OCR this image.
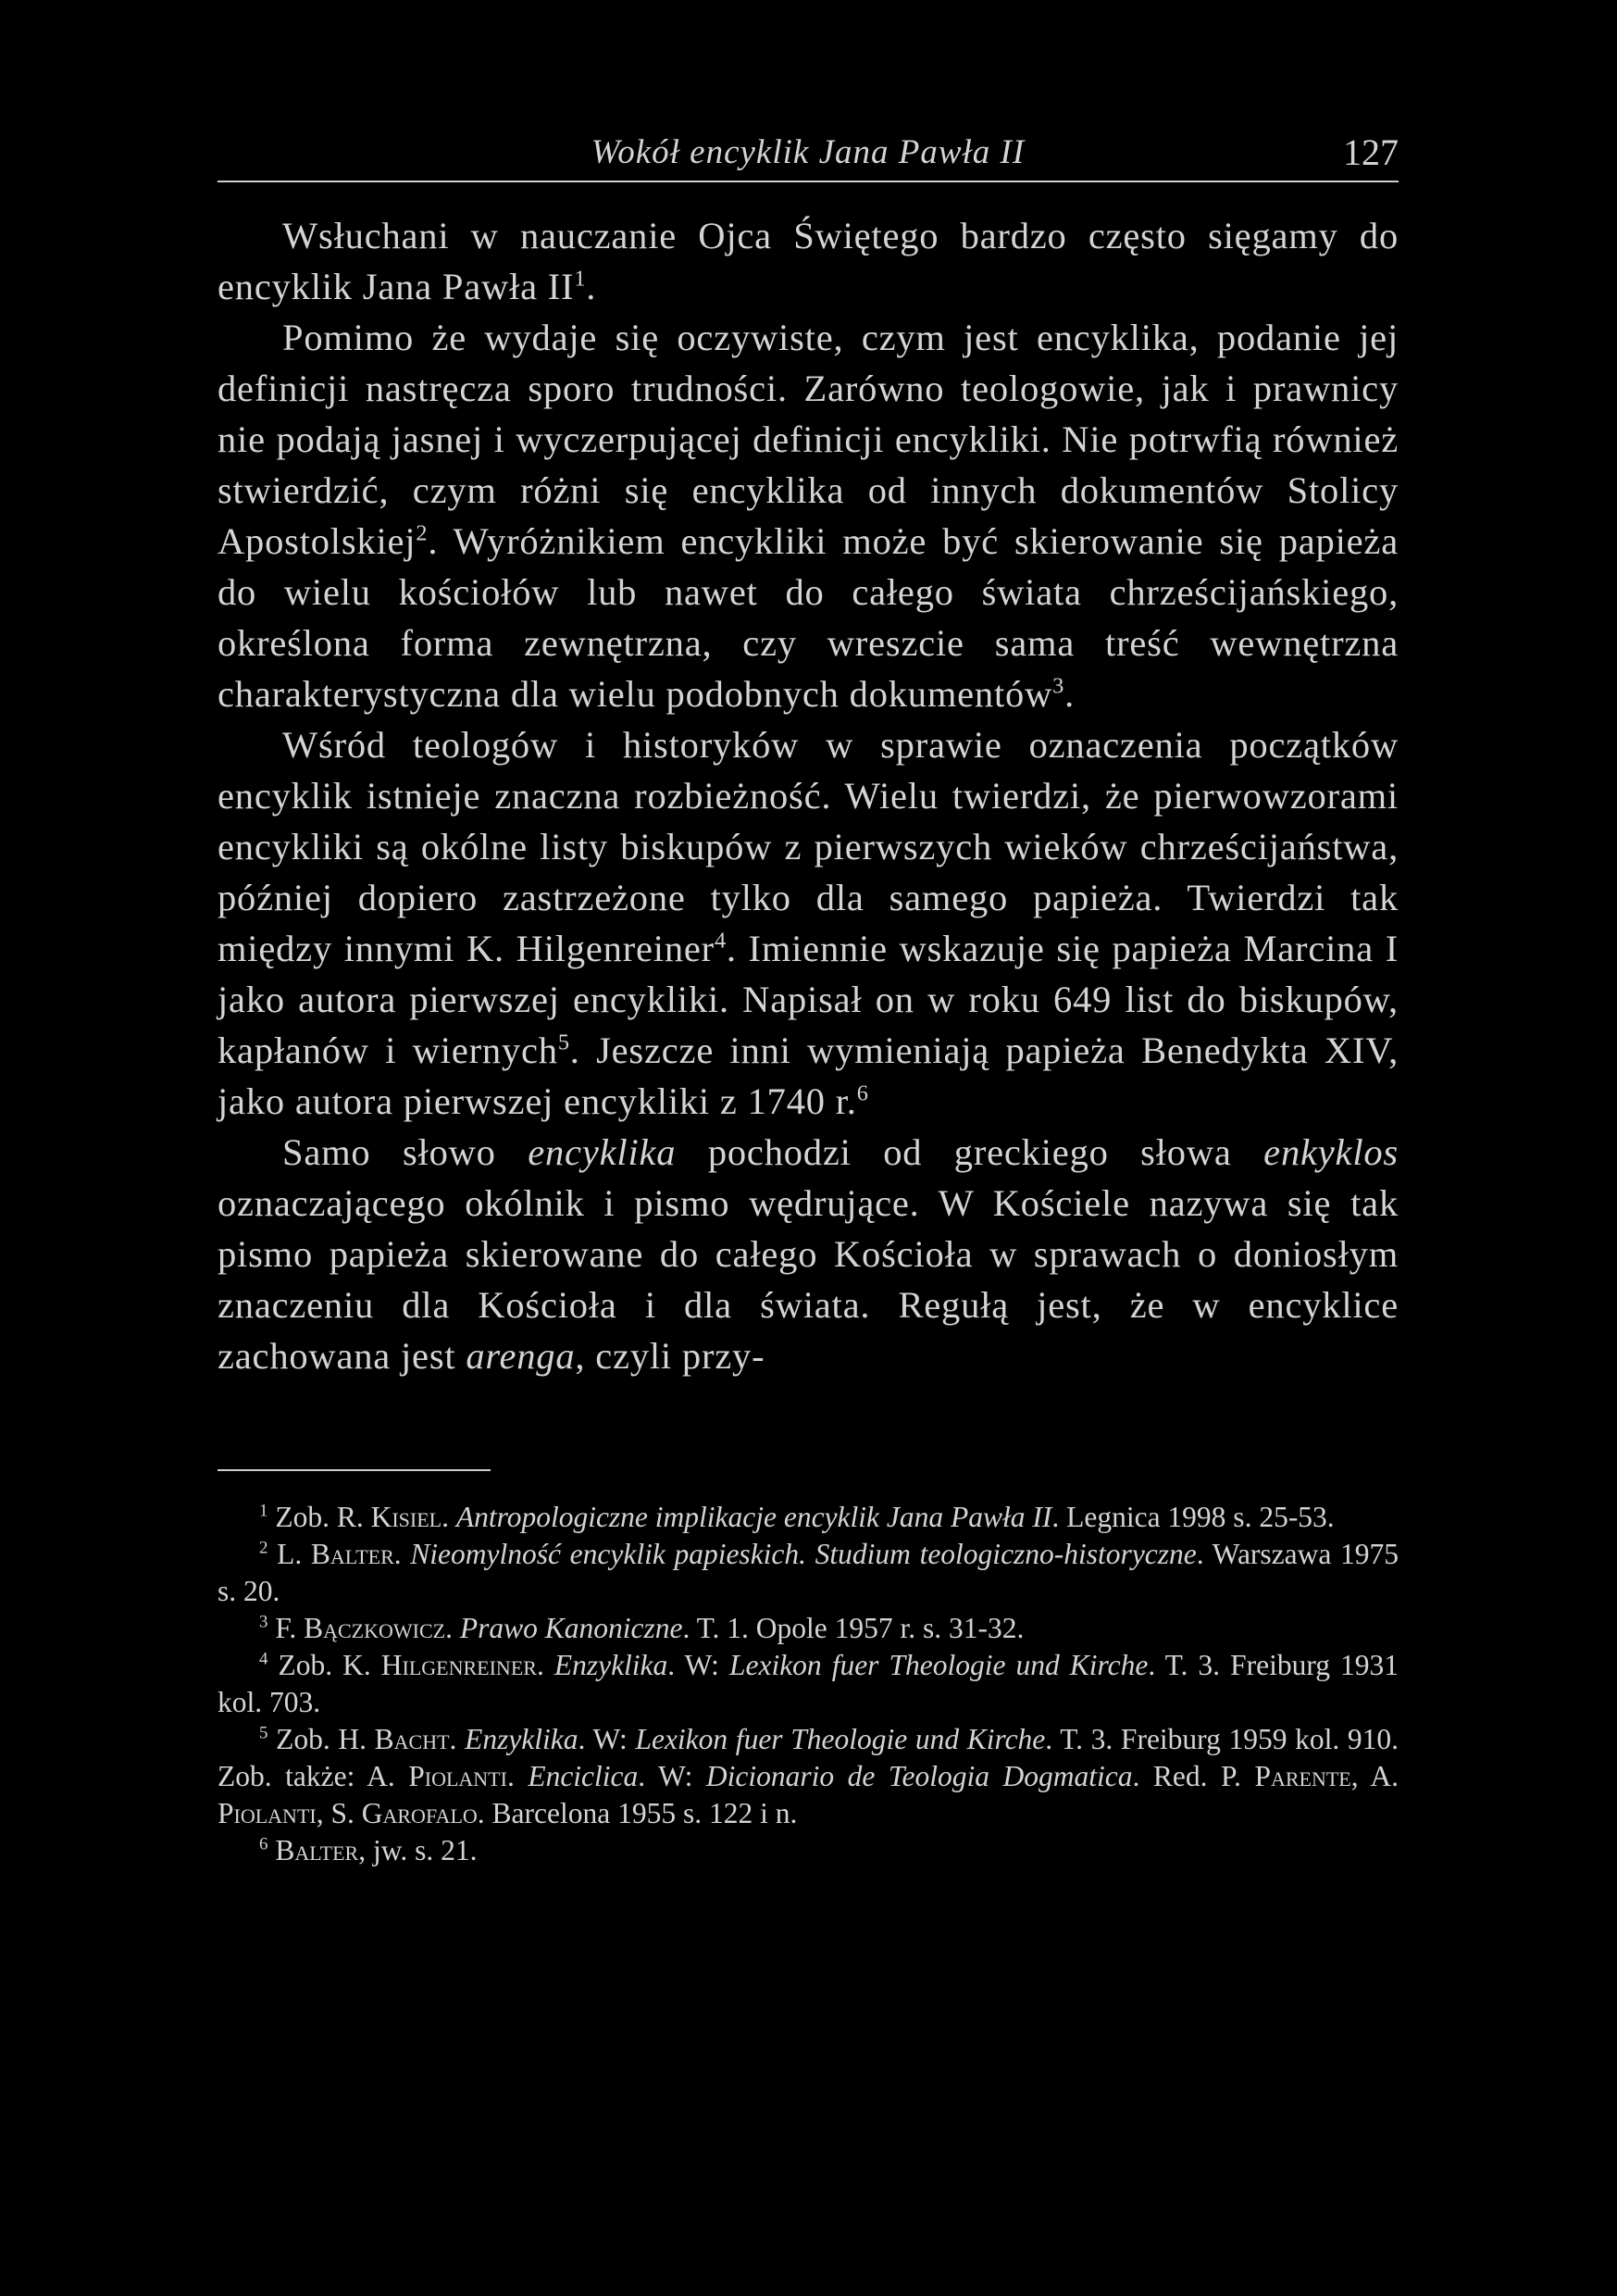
Wokół encyklik Jana Pawła II	127

Wsłuchani w nauczanie Ojca Świętego bardzo często sięgamy do encyklik Jana Pawła $II^1$.

Pomimo że wydaje się oczywiste, czym jest encyklika, podanie jej definicji nastręcza sporo trudności. Zarówno teologowie, jak i prawnicy nie podają jasnej i wyczerpującej definicji encykliki. Nie potrwfią również stwierdzić, czym różni się encyklika od innych dokumentów Stolicy Apostolskiej$^2$. Wyróżnikiem encykliki może być skierowanie się papieża do wielu kościołów lub nawet do całego świata chrześcijańskiego, określona forma zewnętrzna, czy wreszcie sama treść wewnętrzna charakterystyczna dla wielu podobnych dokumentów$^3$.

Wśród teologów i historyków w sprawie oznaczenia początków encyklik istnieje znaczna rozbieżność. Wielu twierdzi, że pierwowzorami encykliki są okólne listy biskupów z pierwszych wieków chrześcijaństwa, później dopiero zastrzeżone tylko dla samego papieża. Twierdzi tak między innymi K. Hilgenreiner$^4$. Imiennie wskazuje się papieża Marcina I jako autora pierwszej encykliki. Napisał on w roku 649 list do biskupów, kapłanów i wiernych$^5$. Jeszcze inni wymieniają papieża Benedykta XIV, jako autora pierwszej encykliki z 1740 r.$^6$

Samo słowo encyklika pochodzi od greckiego słowa enkyklos oznaczającego okólnik i pismo wędrujące. W Kościele nazywa się tak pismo papieża skierowane do całego Kościoła w sprawach o doniosłym znaczeniu dla Kościoła i dla świata. Regułą jest, że w encyklice zachowana jest arenga, czyli przy-

$^1$ Zob. R. Kisiel. Antropologiczne implikacje encyklik Jana Pawła II. Legnica 1998 s. 25-53.

$^2$ L. Balter. Nieomylność encyklik papieskich. Studium teologiczno-historyczne. Warszawa 1975 s. 20.

$^3$ F. Bączkowicz. Prawo Kanoniczne. T. 1. Opole 1957 r. s. 31-32.

$^4$ Zob. K. Hilgenreiner. Enzyklika. W: Lexikon fuer Theologie und Kirche. T. 3. Freiburg 1931 kol. 703.

$^5$ Zob. H. Bacht. Enzyklika. W: Lexikon fuer Theologie und Kirche. T. 3. Freiburg 1959 kol. 910. Zob. także: A. Piolanti. Enciclica. W: Dicionario de Teologia Dogmatica. Red. P. Parente, A. Piolanti, S. Garofalo. Barcelona 1955 s. 122 i n.

$^6$ Balter, jw. s. 21.
